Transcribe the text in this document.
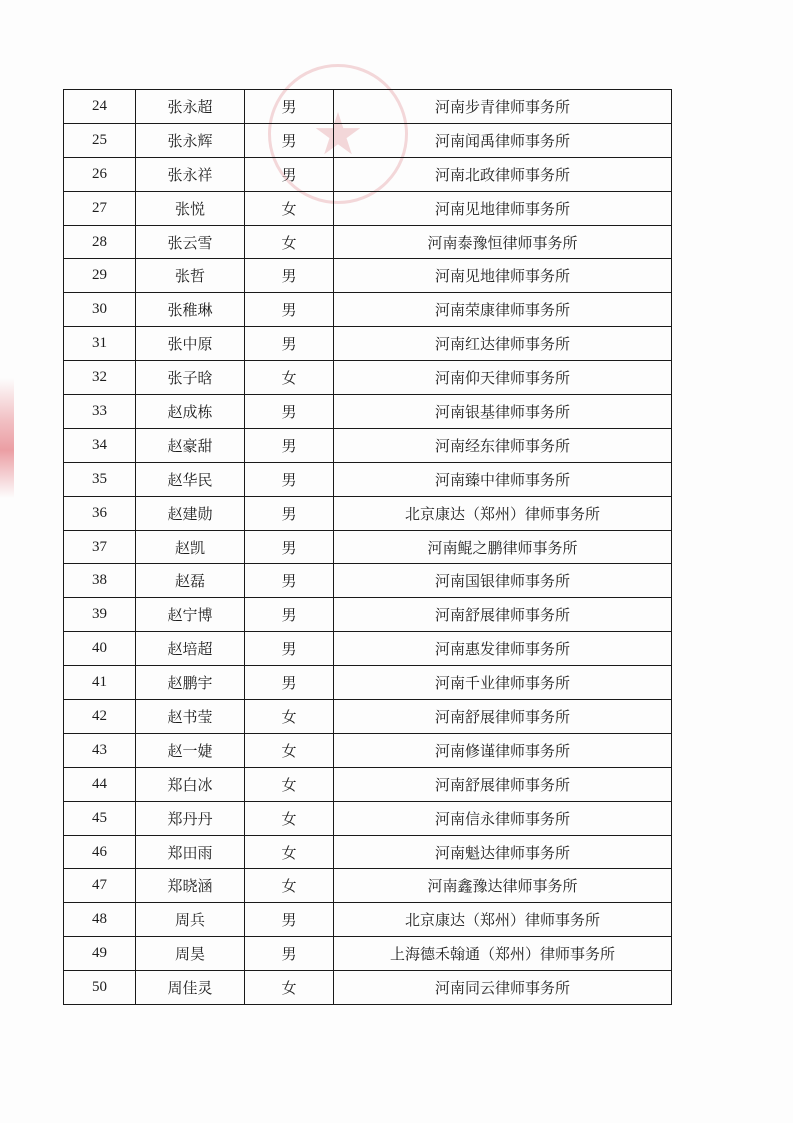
★
24	张永超	男	河南步青律师事务所
25	张永辉	男	河南闻禹律师事务所
26	张永祥	男	河南北政律师事务所
27	张悦	女	河南见地律师事务所
28	张云雪	女	河南泰豫恒律师事务所
29	张哲	男	河南见地律师事务所
30	张稚琳	男	河南荣康律师事务所
31	张中原	男	河南红达律师事务所
32	张子晗	女	河南仰天律师事务所
33	赵成栋	男	河南银基律师事务所
34	赵豪甜	男	河南经东律师事务所
35	赵华民	男	河南臻中律师事务所
36	赵建勋	男	北京康达（郑州）律师事务所
37	赵凯	男	河南鲲之鹏律师事务所
38	赵磊	男	河南国银律师事务所
39	赵宁博	男	河南舒展律师事务所
40	赵培超	男	河南惠发律师事务所
41	赵鹏宇	男	河南千业律师事务所
42	赵书莹	女	河南舒展律师事务所
43	赵一婕	女	河南修谨律师事务所
44	郑白冰	女	河南舒展律师事务所
45	郑丹丹	女	河南信永律师事务所
46	郑田雨	女	河南魁达律师事务所
47	郑晓涵	女	河南鑫豫达律师事务所
48	周兵	男	北京康达（郑州）律师事务所
49	周昊	男	上海德禾翰通（郑州）律师事务所
50	周佳灵	女	河南同云律师事务所
